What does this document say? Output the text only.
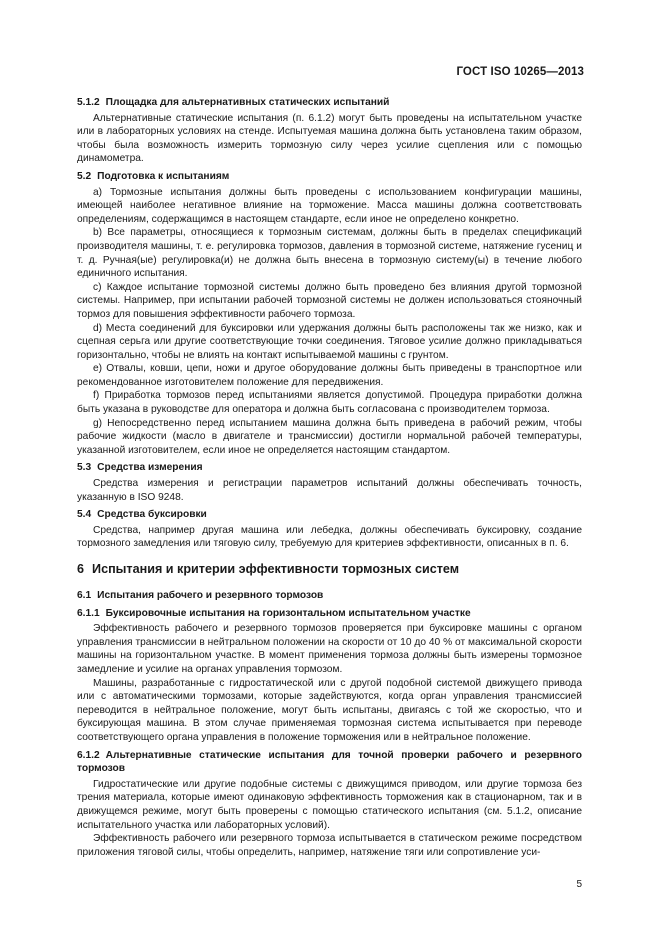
ГОСТ ISO 10265—2013

5.1.2 Площадка для альтернативных статических испытаний

Альтернативные статические испытания (п. 6.1.2) могут быть проведены на испытательном участке или в лабораторных условиях на стенде. Испытуемая машина должна быть установлена таким образом, чтобы была возможность измерить тормозную силу через усилие сцепления или с помощью динамометра.

5.2 Подготовка к испытаниям

a) Тормозные испытания должны быть проведены с использованием конфигурации машины, имеющей наиболее негативное влияние на торможение. Масса машины должна соответствовать определениям, содержащимся в настоящем стандарте, если иное не определено конкретно.

b) Все параметры, относящиеся к тормозным системам, должны быть в пределах спецификаций производителя машины, т. е. регулировка тормозов, давления в тормозной системе, натяжение гусениц и т. д. Ручная(ые) регулировка(и) не должна быть внесена в тормозную систему(ы) в течение любого единичного испытания.

c) Каждое испытание тормозной системы должно быть проведено без влияния другой тормозной системы. Например, при испытании рабочей тормозной системы не должен использоваться стояночный тормоз для повышения эффективности рабочего тормоза.

d) Места соединений для буксировки или удержания должны быть расположены так же низко, как и сцепная серьга или другие соответствующие точки соединения. Тяговое усилие должно прикладываться горизонтально, чтобы не влиять на контакт испытываемой машины с грунтом.

e) Отвалы, ковши, цепи, ножи и другое оборудование должны быть приведены в транспортное или рекомендованное изготовителем положение для передвижения.

f) Приработка тормозов перед испытаниями является допустимой. Процедура приработки должна быть указана в руководстве для оператора и должна быть согласована с производителем тормоза.

g) Непосредственно перед испытанием машина должна быть приведена в рабочий режим, чтобы рабочие жидкости (масло в двигателе и трансмиссии) достигли нормальной рабочей температуры, указанной изготовителем, если иное не определяется настоящим стандартом.

5.3 Средства измерения

Средства измерения и регистрации параметров испытаний должны обеспечивать точность, указанную в ISO 9248.

5.4 Средства буксировки

Средства, например другая машина или лебедка, должны обеспечивать буксировку, создание тормозного замедления или тяговую силу, требуемую для критериев эффективности, описанных в п. 6.

6 Испытания и критерии эффективности тормозных систем

6.1 Испытания рабочего и резервного тормозов

6.1.1 Буксировочные испытания на горизонтальном испытательном участке

Эффективность рабочего и резервного тормозов проверяется при буксировке машины с органом управления трансмиссии в нейтральном положении на скорости от 10 до 40 % от максимальной скорости машины на горизонтальном участке. В момент применения тормоза должны быть измерены тормозное замедление и усилие на органах управления тормозом.

Машины, разработанные с гидростатической или с другой подобной системой движущего привода или с автоматическими тормозами, которые задействуются, когда орган управления трансмиссией переводится в нейтральное положение, могут быть испытаны, двигаясь с той же скоростью, что и буксирующая машина. В этом случае применяемая тормозная система испытывается при переводе соответствующего органа управления в положение торможения или в нейтральное положение.

6.1.2 Альтернативные статические испытания для точной проверки рабочего и резервного тормозов

Гидростатические или другие подобные системы с движущимся приводом, или другие тормоза без трения материала, которые имеют одинаковую эффективность торможения как в стационарном, так и в движущемся режиме, могут быть проверены с помощью статического испытания (см. 5.1.2, описание испытательного участка или лабораторных условий).

Эффективность рабочего или резервного тормоза испытывается в статическом режиме посредством приложения тяговой силы, чтобы определить, например, натяжение тяги или сопротивление уси-

5
